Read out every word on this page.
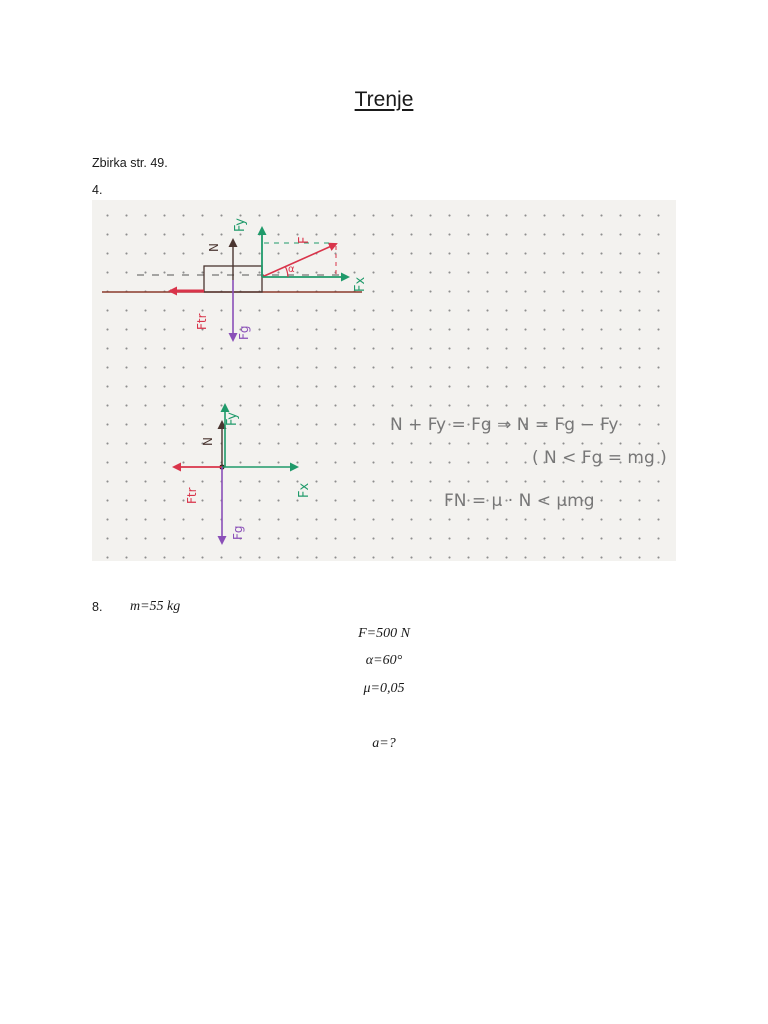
Trenje
Zbirka str. 49.
4.
Fy
N
F
α
Fx
Ftr
Fg
Fy
N
Fx
Ftr
Fg
N + Fy = Fg ⇒ N = Fg − Fy
( N < Fg = mg )
FN = μ · N < μmg
8. m=55 kg
F=500 N
α=60°
μ=0,05
a=?
